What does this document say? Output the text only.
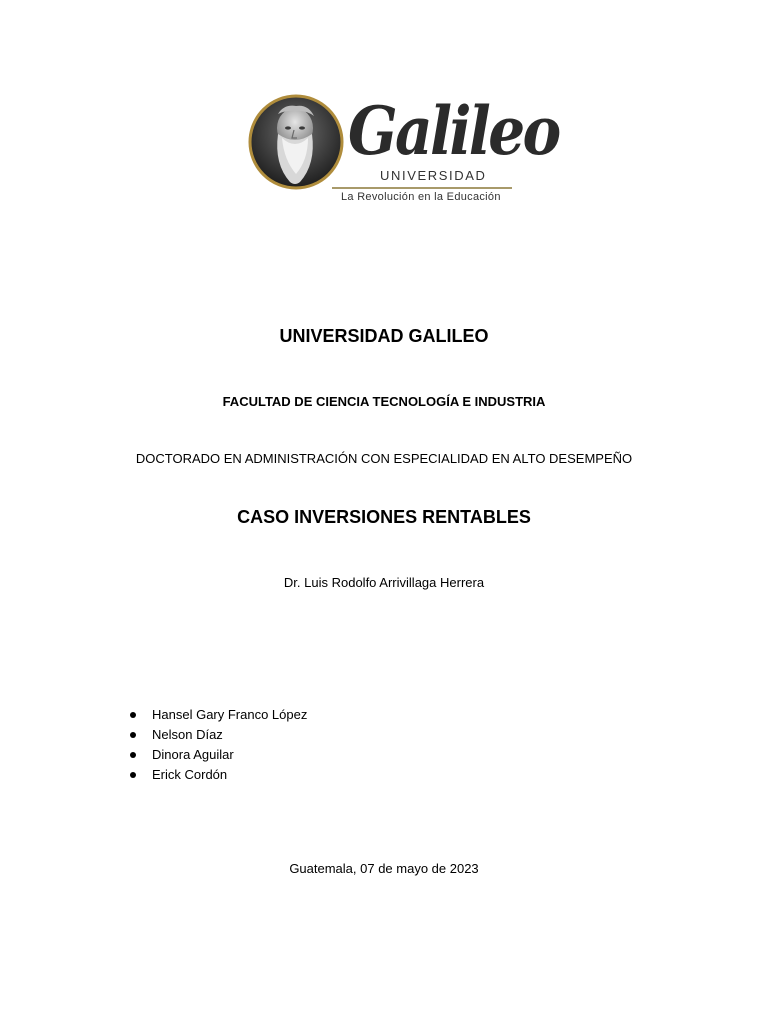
Galileo
UNIVERSIDAD
La Revolución en la Educación
UNIVERSIDAD GALILEO
FACULTAD DE CIENCIA TECNOLOGÍA E INDUSTRIA
DOCTORADO EN ADMINISTRACIÓN CON ESPECIALIDAD EN ALTO DESEMPEÑO
CASO INVERSIONES RENTABLES
Dr. Luis Rodolfo Arrivillaga Herrera
Hansel Gary Franco López
Nelson Díaz
Dinora Aguilar
Erick Cordón
Guatemala, 07 de mayo de 2023
